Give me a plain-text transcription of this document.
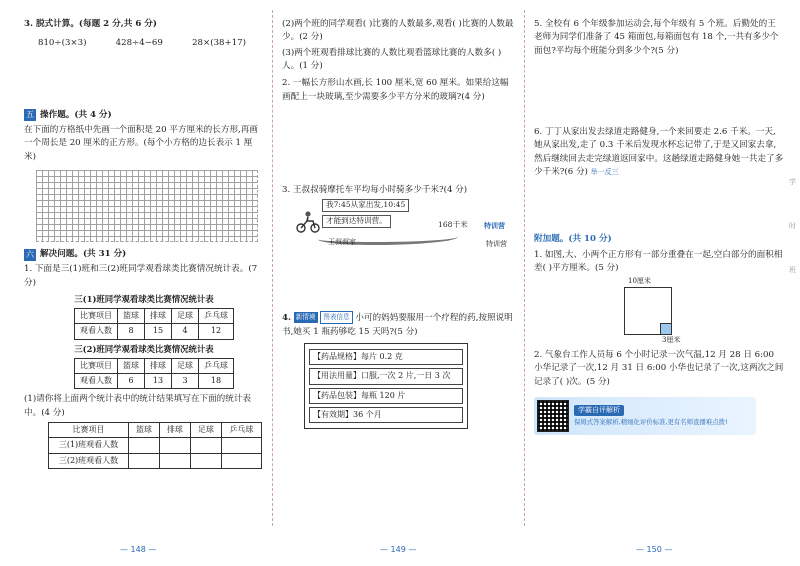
3. 脱式计算。(每题 2 分,共 6 分)
810÷(3×3)	428÷4−69	28×(38+17)
五 操作题。(共 4 分)
在下面的方格纸中先画一个面积是 20 平方厘米的长方形,再画一个周长是 20 厘米的正方形。(每个小方格的边长表示 1 厘米)
六 解决问题。(共 31 分)
1. 下面是三(1)班和三(2)班同学观看球类比赛情况统计表。(7 分)
三(1)班同学观看球类比赛情况统计表
比赛项目	篮球	排球	足球	乒乓球
观看人数	8	15	4	12
三(2)班同学观看球类比赛情况统计表
比赛项目	篮球	排球	足球	乒乓球
观看人数	6	13	3	18
(1)请你将上面两个统计表中的统计结果填写在下面的统计表中。(4 分)
比赛项目	篮球	排球	足球	乒乓球
三(1)班观看人数				
三(2)班观看人数				
— 148 —
(2)两个班的同学观看( )比赛的人数最多,观看( )比赛的人数最少。(2 分)
(3)两个班观看排球比赛的人数比观看篮球比赛的人数多( )人。(1 分)
2. 一幅长方形山水画,长 100 厘米,宽 60 厘米。如果给这幅画配上一块玻璃,至少需要多少平方分米的玻璃?(4 分)
3. 王叔叔骑摩托车平均每小时骑多少千米?(4 分)
我7:45从家出发,10:45
才能到达特训营。
王叔叔家
168千米 特训营
特训营
4. 新情境 图表信息 小可的妈妈要服用一个疗程的药,按照说明书,她买 1 瓶药够吃 15 天吗?(5 分)
【药品规格】每片 0.2 克
【用法用量】口服,一次 2 片,一日 3 次
【药品包装】每瓶 120 片
【有效期】36 个月
— 149 —
5. 全校有 6 个年级参加运动会,每个年级有 5 个班。后勤处的王老师为同学们准备了 45 箱面包,每箱面包有 18 个,一共有多少个面包?平均每个班能分到多少个?(5 分)
6. 丁丁从家出发去绿道走路健身,一个来回要走 2.6 千米。一天,她从家出发,走了 0.3 千米后发现水杯忘记带了,于是又回家去拿,然后继续回去走完绿道返回家中。这趟绿道走路健身她一共走了多少千米?(6 分) 举一反三
附加题。(共 10 分)
1. 如图,大、小两个正方形有一部分重叠在一起,空白部分的面积相差( )平方厘米。(5 分)
10厘米
3厘米
2. 气象台工作人员每 6 个小时记录一次气温,12 月 28 日 6:00 小华记录了一次,12 月 31 日 6:00 小华也记录了一次,这两次之间记录了( )次。(5 分)
学霸自评解析
保姆式答案解析,精细化评价标准,更有名师直播难点拨!
学
时
班
— 150 —
